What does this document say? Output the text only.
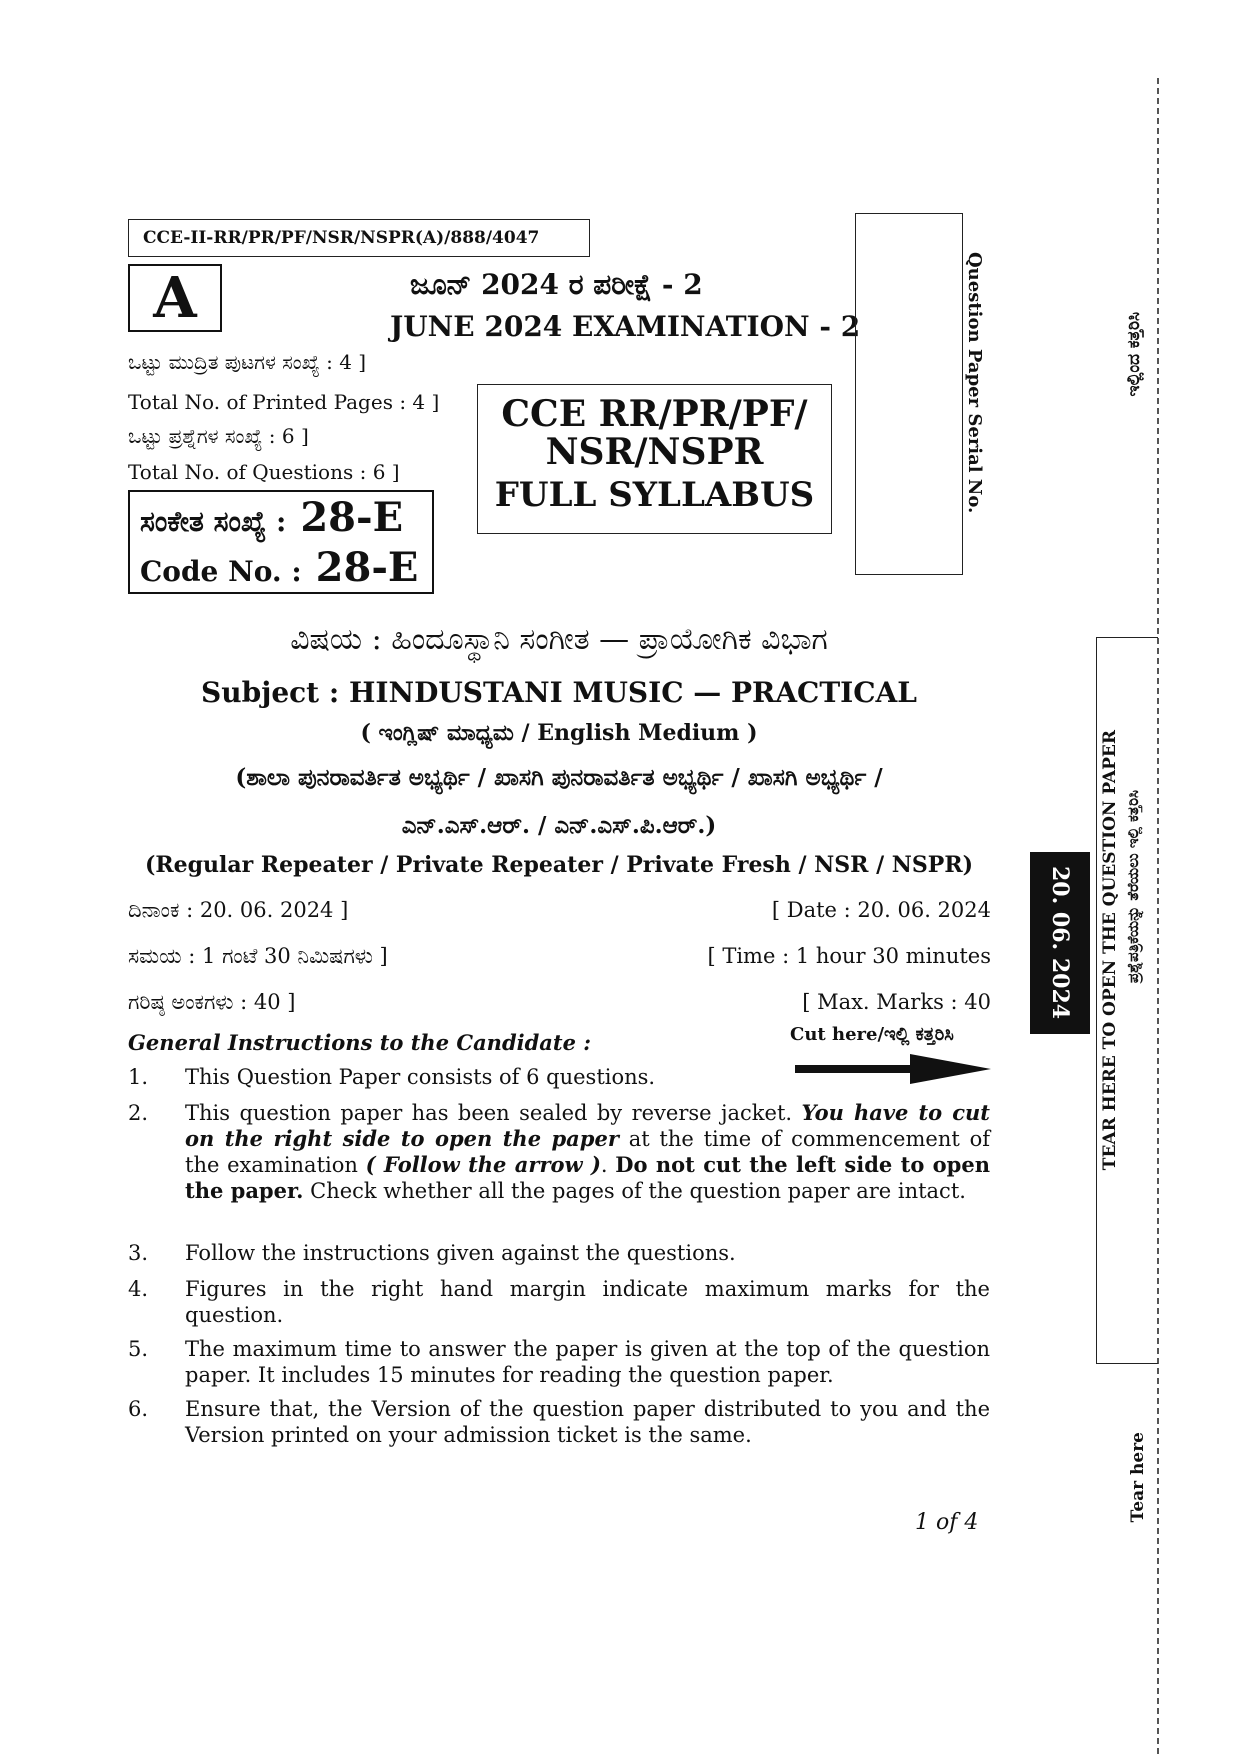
CCE-II-RR/PR/PF/NSR/NSPR(A)/888/4047
A	ಜೂನ್ 2024 ರ ಪರೀಕ್ಷೆ - 2
JUNE 2024 EXAMINATION - 2
ಒಟ್ಟು ಮುದ್ರಿತ ಪುಟಗಳ ಸಂಖ್ಯೆ : 4 ]
Total No. of Printed Pages : 4 ]
ಒಟ್ಟು ಪ್ರಶ್ನೆಗಳ ಸಂಖ್ಯೆ : 6 ]
Total No. of Questions : 6 ]
CCE RR/PR/PF/
NSR/NSPR
FULL SYLLABUS
ಸಂಕೇತ ಸಂಖ್ಯೆ : 28-E
Code No. : 28-E
Question Paper Serial No.
ವಿಷಯ : ಹಿಂದೂಸ್ಥಾನಿ ಸಂಗೀತ — ಪ್ರಾಯೋಗಿಕ ವಿಭಾಗ
Subject : HINDUSTANI MUSIC — PRACTICAL
( ಇಂಗ್ಲಿಷ್ ಮಾಧ್ಯಮ / English Medium )
(ಶಾಲಾ ಪುನರಾವರ್ತಿತ ಅಭ್ಯರ್ಥಿ / ಖಾಸಗಿ ಪುನರಾವರ್ತಿತ ಅಭ್ಯರ್ಥಿ / ಖಾಸಗಿ ಅಭ್ಯರ್ಥಿ /
ಎನ್.ಎಸ್.ಆರ್. / ಎನ್.ಎಸ್.ಪಿ.ಆರ್.)
(Regular Repeater / Private Repeater / Private Fresh / NSR / NSPR)
ದಿನಾಂಕ : 20. 06. 2024 ]	[ Date : 20. 06. 2024
ಸಮಯ : 1 ಗಂಟೆ 30 ನಿಮಿಷಗಳು ]	[ Time : 1 hour 30 minutes
ಗರಿಷ್ಠ ಅಂಕಗಳು : 40 ]	[ Max. Marks : 40
General Instructions to the Candidate :	Cut here/ಇಲ್ಲಿ ಕತ್ತರಿಸಿ
1. This Question Paper consists of 6 questions.
2. This question paper has been sealed by reverse jacket. You have to cut on the right side to open the paper at the time of commencement of the examination ( Follow the arrow ). Do not cut the left side to open the paper. Check whether all the pages of the question paper are intact.
3. Follow the instructions given against the questions.
4. Figures in the right hand margin indicate maximum marks for the question.
5. The maximum time to answer the paper is given at the top of the question paper. It includes 15 minutes for reading the question paper.
6. Ensure that, the Version of the question paper distributed to you and the Version printed on your admission ticket is the same.
1 of 4
ಇಲ್ಲಿಂದ ಕತ್ತರಿಸಿ
TEAR HERE TO OPEN THE QUESTION PAPER ಪ್ರಶ್ನೆಪತ್ರಿಕೆಯನ್ನು ತೆರೆಯಲು ಇಲ್ಲಿ ಕತ್ತರಿಸಿ
20. 06. 2024
Tear here
